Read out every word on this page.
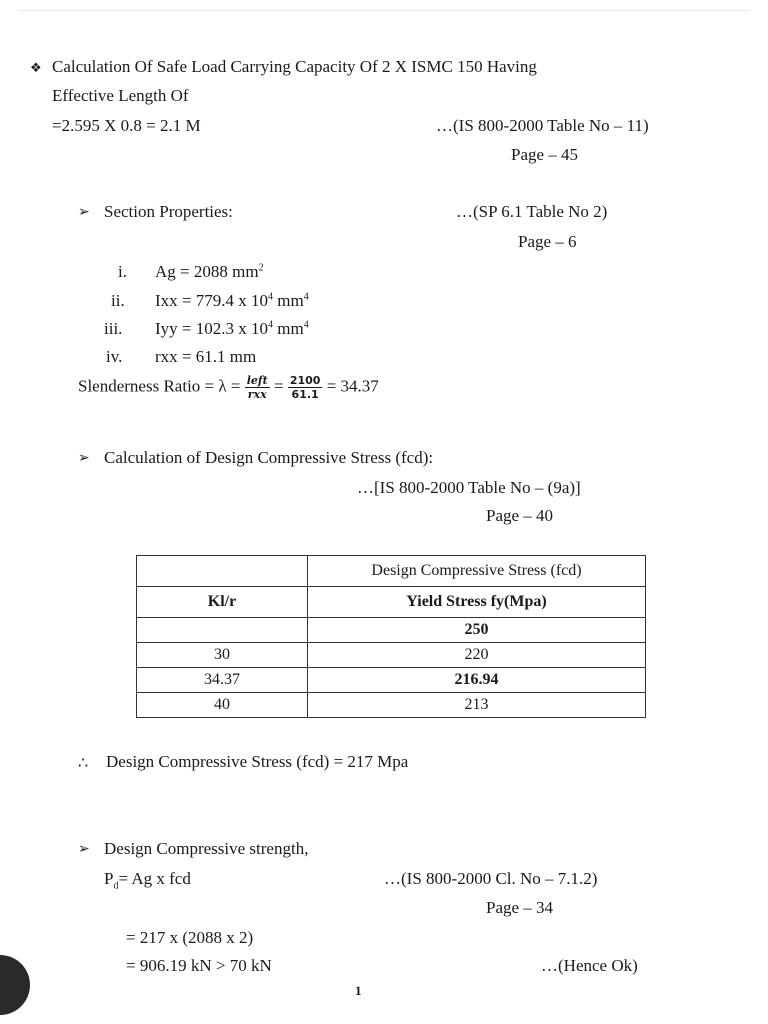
❖ Calculation Of Safe Load Carrying Capacity Of 2 X ISMC 150 Having
Effective Length Of
=2.595 X 0.8 = 2.1 M	…(IS 800-2000 Table No – 11)
Page – 45
➢ Section Properties:	…(SP 6.1 Table No 2)
Page – 6
i. Ag = 2088 $mm^2$
ii. Ixx = 779.4 x $10^4$ $mm^4$
iii. Iyy = 102.3 x $10^4$ $mm^4$
iv. rxx = 61.1 mm
Slenderness Ratio = $\lambda = \frac{\text{left}}{\text{rxx}} = \frac{2100}{61.1} = 34.37$
➢ Calculation of Design Compressive Stress (fcd):
…[IS 800-2000 Table No – (9a)]
Page – 40
	Design Compressive Stress (fcd)
Kl/r	Yield Stress fy(Mpa)
	250
30	220
34.37	216.94
40	213
∴ Design Compressive Stress (fcd) = 217 Mpa
➢ Design Compressive strength,
$P_d= Ag$ x fcd	…(IS 800-2000 Cl. No – 7.1.2)
Page – 34
= 217 x (2088 x 2)
= 906.19 kN > 70 kN	…(Hence Ok)
1
